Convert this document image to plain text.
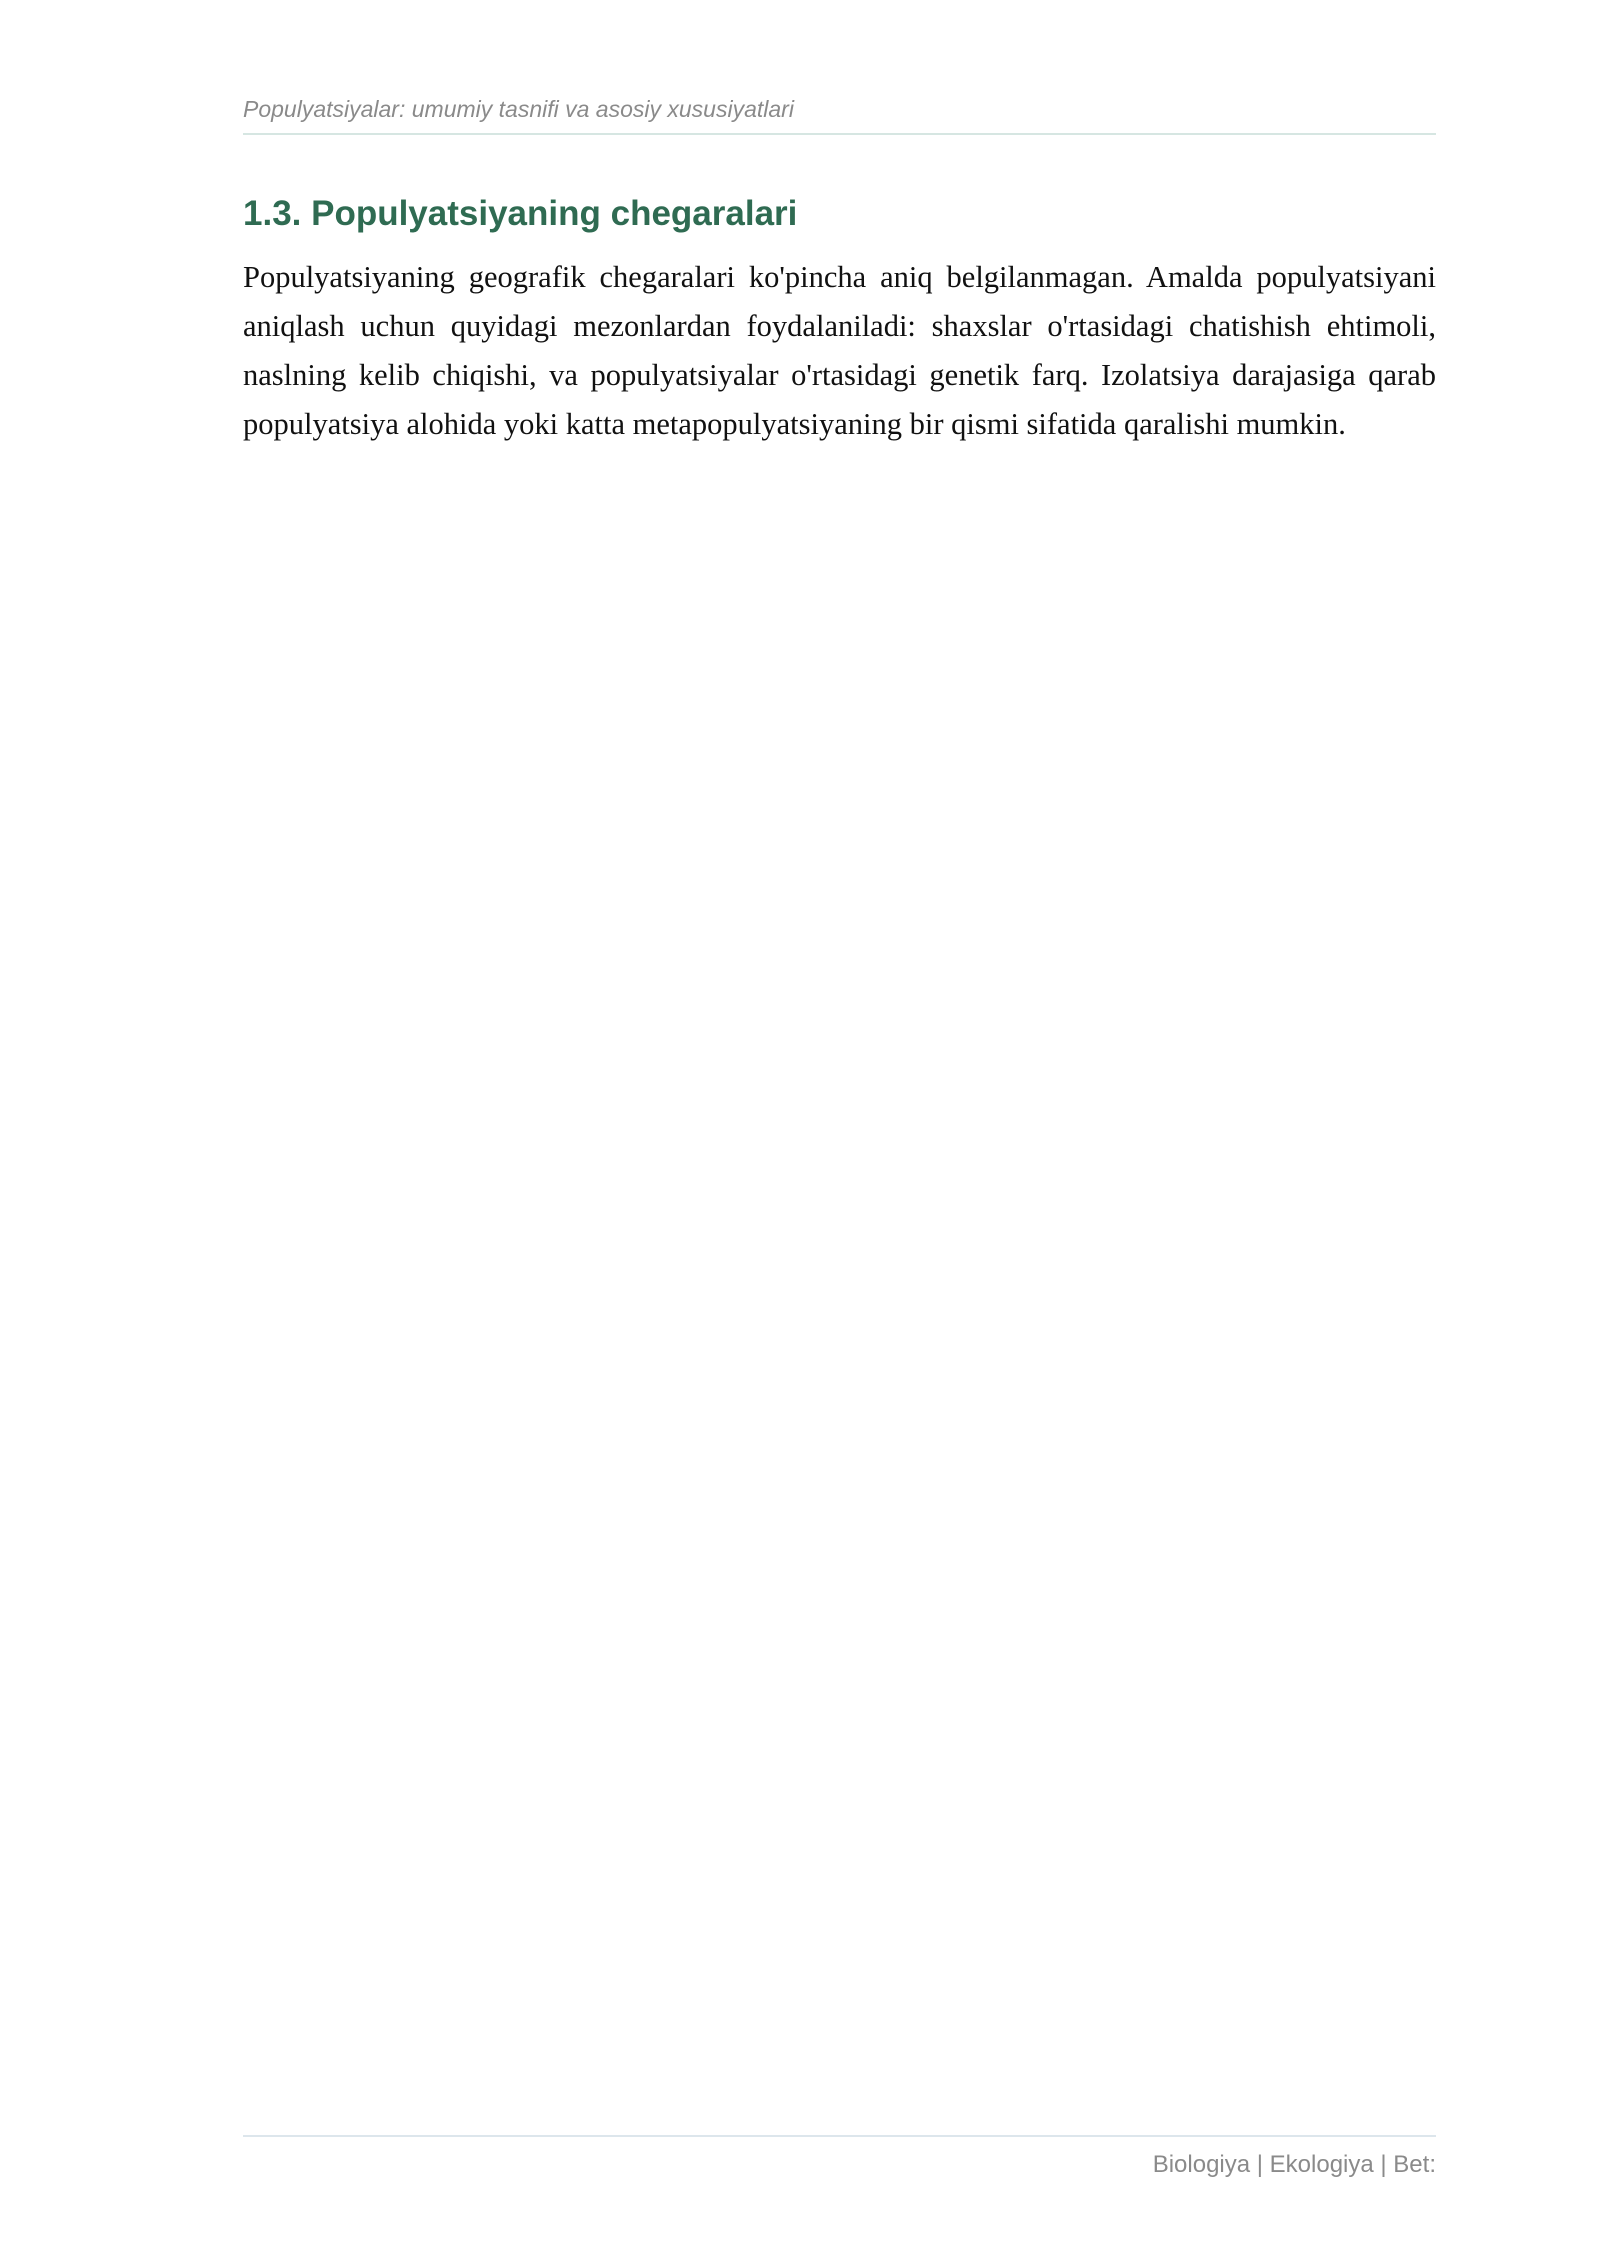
Populyatsiyalar: umumiy tasnifi va asosiy xususiyatlari
1.3. Populyatsiyaning chegaralari

Populyatsiyaning geografik chegaralari ko'pincha aniq belgilanmagan. Amalda populyatsiyani aniqlash uchun quyidagi mezonlardan foydalaniladi: shaxslar o'rtasidagi chatishish ehtimoli, naslning kelib chiqishi, va populyatsiyalar o'rtasidagi genetik farq. Izolatsiya darajasiga qarab populyatsiya alohida yoki katta metapopulyatsiyaning bir qismi sifatida qaralishi mumkin.

Biologiya | Ekologiya | Bet:
